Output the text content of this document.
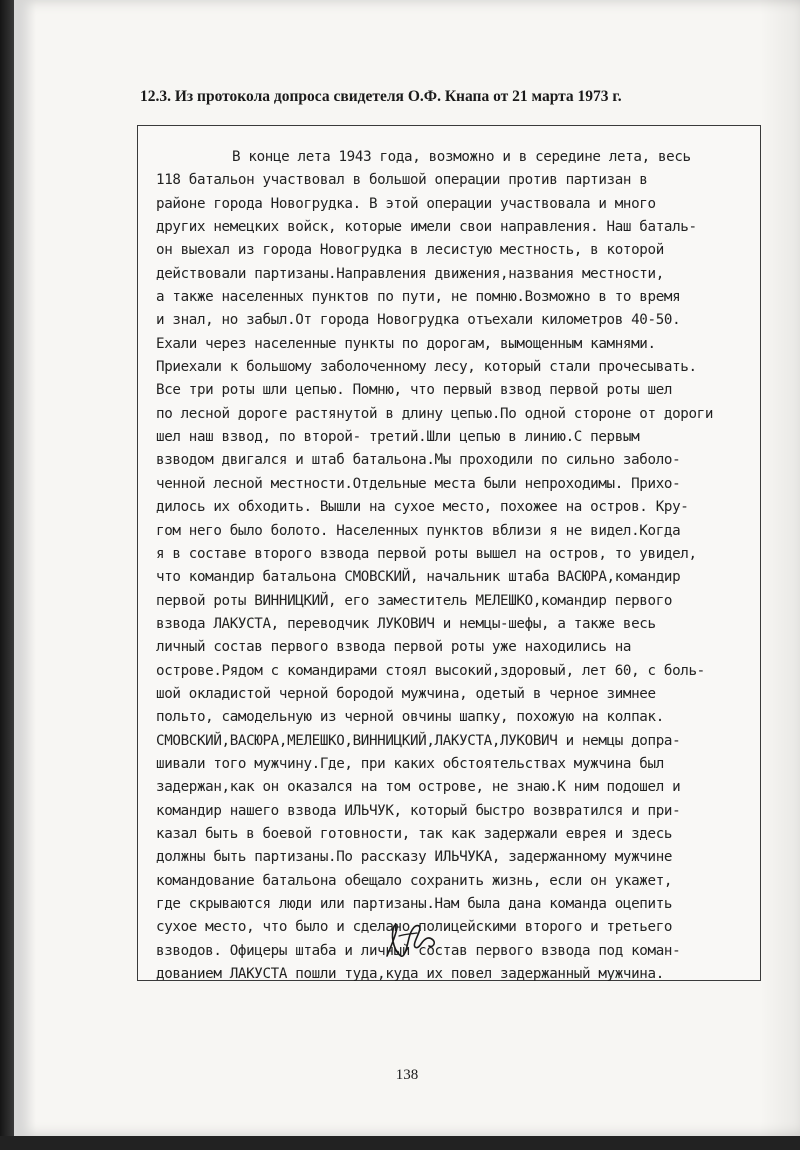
12.3. Из протокола допроса свидетеля О.Ф. Кнапа от 21 марта 1973 г.
В конце лета 1943 года, возможно и в середине лета, весь
118 батальон участвовал в большой операции против партизан в
районе города Новогрудка. В этой операции участвовала и много
других немецких войск, которые имели свои направления. Наш баталь-
он выехал из города Новогрудка в лесистую местность, в которой
действовали партизаны.Направления движения,названия местности,
а также населенных пунктов по пути, не помню.Возможно в то время
и знал, но забыл.От города Новогрудка отъехали километров 40-50.
Ехали через населенные пункты по дорогам, вымощенным камнями.
Приехали к большому заболоченному лесу, который стали прочесывать.
Все три роты шли цепью. Помню, что первый взвод первой роты шел
по лесной дороге растянутой в длину цепью.По одной стороне от дороги
шел наш взвод, по второй- третий.Шли цепью в линию.С первым
взводом двигался и штаб батальона.Мы проходили по сильно заболо-
ченной лесной местности.Отдельные места были непроходимы. Прихо-
дилось их обходить. Вышли на сухое место, похожее на остров. Кру-
гом него было болото. Населенных пунктов вблизи я не видел.Когда
я в составе второго взвода первой роты вышел на остров, то увидел,
что командир батальона СМОВСКИЙ, начальник штаба ВАСЮРА,командир
первой роты ВИННИЦКИЙ, его заместитель МЕЛЕШКО,командир первого
взвода ЛАКУСТА, переводчик ЛУКОВИЧ и немцы-шефы, а также весь
личный состав первого взвода первой роты уже находились на
острове.Рядом с командирами стоял высокий,здоровый, лет 60, с боль-
шой окладистой черной бородой мужчина, одетый в черное зимнее
польто, самодельную из черной овчины шапку, похожую на колпак.
СМОВСКИЙ,ВАСЮРА,МЕЛЕШКО,ВИННИЦКИЙ,ЛАКУСТА,ЛУКОВИЧ и немцы допра-
шивали того мужчину.Где, при каких обстоятельствах мужчина был
задержан,как он оказался на том острове, не знаю.К ним подошел и
командир нашего взвода ИЛЬЧУК, который быстро возвратился и при-
казал быть в боевой готовности, так как задержали еврея и здесь
должны быть партизаны.По рассказу ИЛЬЧУКА, задержанному мужчине
командование батальона обещало сохранить жизнь, если он укажет,
где скрываются люди или партизаны.Нам была дана команда оцепить
сухое место, что было и сделано полицейскими второго и третьего
взводов. Офицеры штаба и личный состав первого взвода под коман-
дованием ЛАКУСТА пошли туда,куда их повел задержанный мужчина.
138
